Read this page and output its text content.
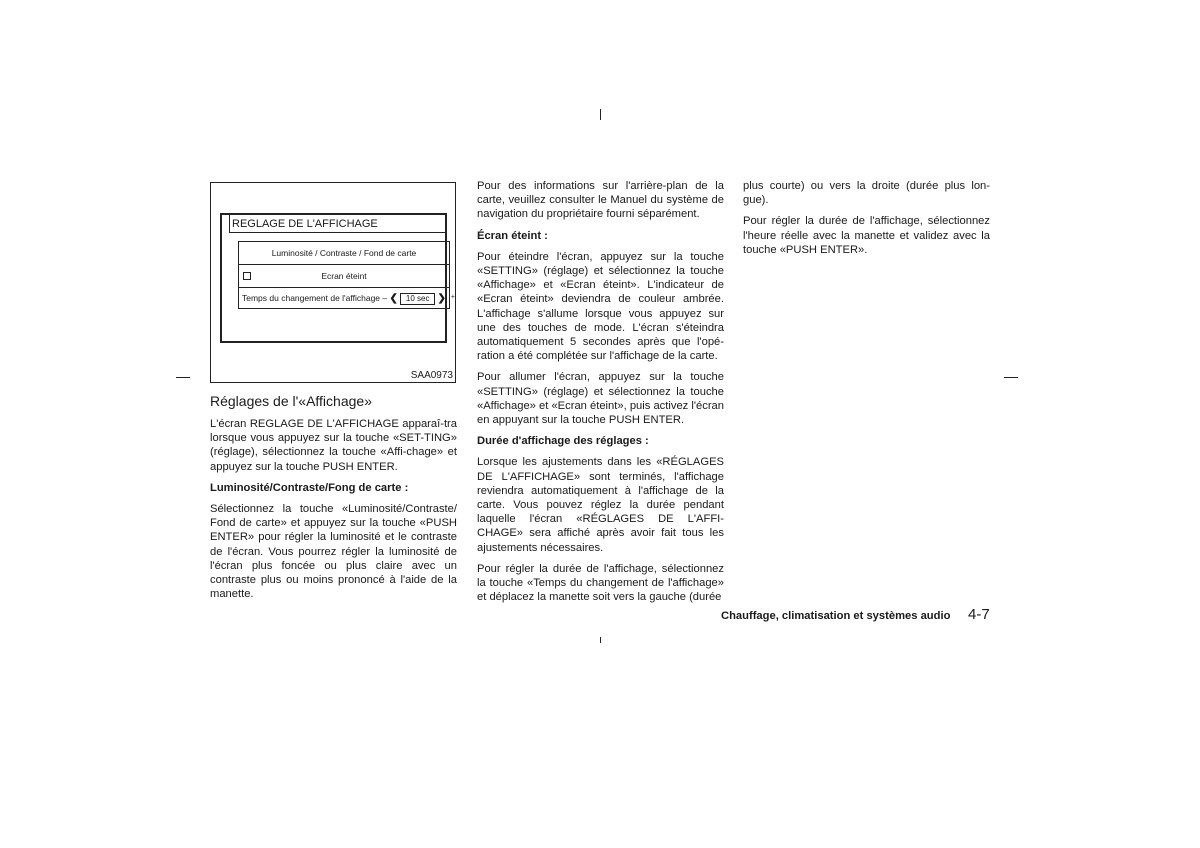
REGLAGE DE L'AFFICHAGE
Luminosité / Contraste / Fond de carte
Ecran éteint
Temps du changement de l'affichage – ❮ 10 sec ❯ +
SAA0973
Réglages de l'«Affichage»

L'écran REGLAGE DE L'AFFICHAGE apparaî-tra lorsque vous appuyez sur la touche «SET-TING» (réglage), sélectionnez la touche «Affi-chage» et appuyez sur la touche PUSH ENTER.

Luminosité/Contraste/Fong de carte :

Sélectionnez la touche «Luminosité/Contraste/ Fond de carte» et appuyez sur la touche «PUSH ENTER» pour régler la luminosité et le contraste de l'écran. Vous pourrez régler la luminosité de l'écran plus foncée ou plus claire avec un contraste plus ou moins prononcé à l'aide de la manette.

Pour des informations sur l'arrière-plan de la carte, veuillez consulter le Manuel du système de navigation du propriétaire fourni séparément.

Écran éteint :

Pour éteindre l'écran, appuyez sur la touche «SETTING» (réglage) et sélectionnez la touche «Affichage» et «Ecran éteint». L'indicateur de «Ecran éteint» deviendra de couleur ambrée. L'affichage s'allume lorsque vous appuyez sur une des touches de mode. L'écran s'éteindra automatiquement 5 secondes après que l'opé-ration a été complétée sur l'affichage de la carte.

Pour allumer l'écran, appuyez sur la touche «SETTING» (réglage) et sélectionnez la touche «Affichage» et «Ecran éteint», puis activez l'écran en appuyant sur la touche PUSH ENTER.

Durée d'affichage des réglages :

Lorsque les ajustements dans les «RÉGLAGES DE L'AFFICHAGE» sont terminés, l'affichage reviendra automatiquement à l'affichage de la carte. Vous pouvez réglez la durée pendant laquelle l'écran «RÉGLAGES DE L'AFFI-CHAGE» sera affiché après avoir fait tous les ajustements nécessaires.

Pour régler la durée de l'affichage, sélectionnez la touche «Temps du changement de l'affichage» et déplacez la manette soit vers la gauche (durée

plus courte) ou vers la droite (durée plus lon-gue).

Pour régler la durée de l'affichage, sélectionnez l'heure réelle avec la manette et validez avec la touche «PUSH ENTER».

Chauffage, climatisation et systèmes audio 4-7
